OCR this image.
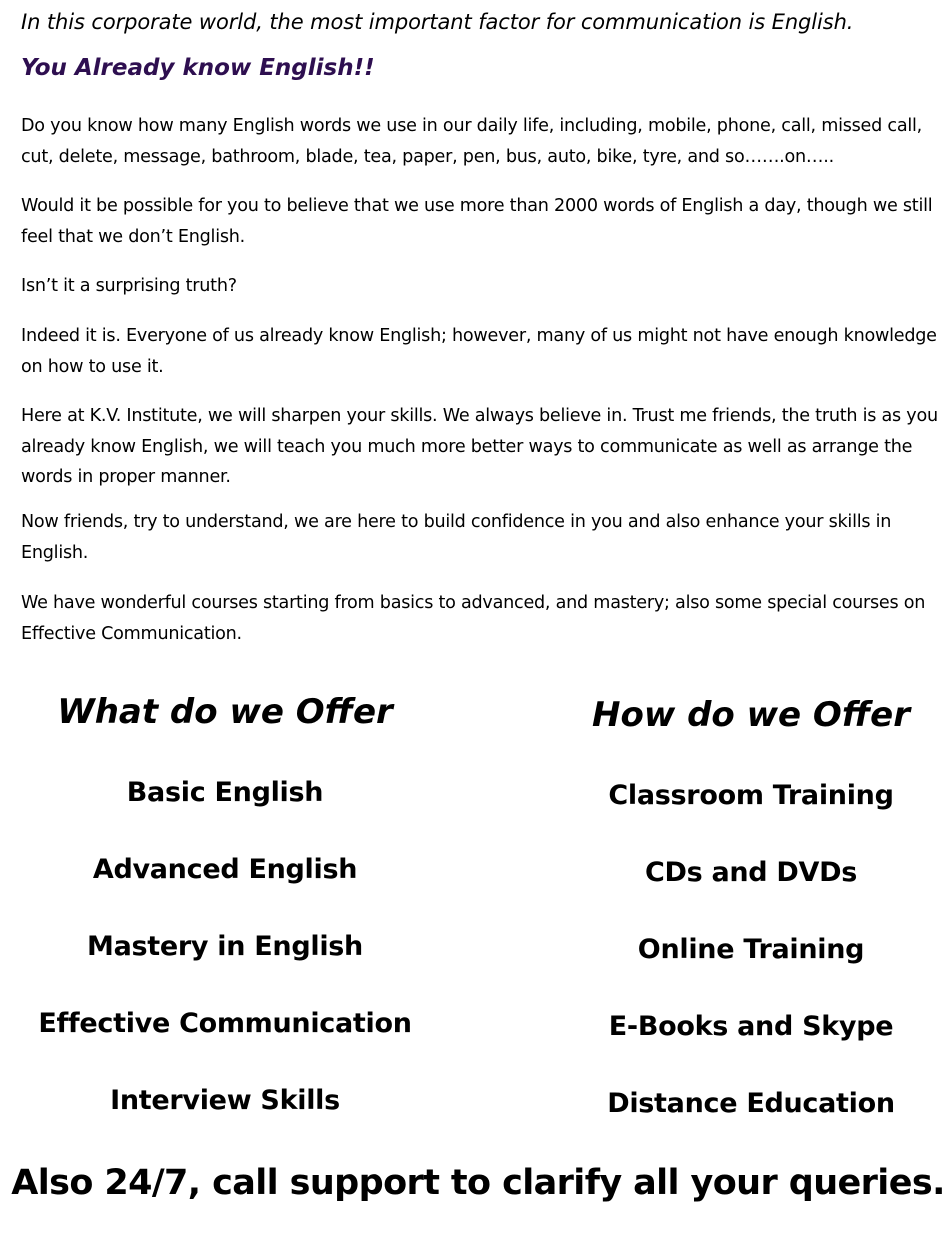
In this corporate world, the most important factor for communication is English.
You Already know English!!

Do you know how many English words we use in our daily life, including, mobile, phone, call, missed call, cut, delete, message, bathroom, blade, tea, paper, pen, bus, auto, bike, tyre, and so…….on…..

Would it be possible for you to believe that we use more than 2000 words of English a day, though we still feel that we don’t English.

Isn’t it a surprising truth?

Indeed it is. Everyone of us already know English; however, many of us might not have enough knowledge on how to use it.

Here at K.V. Institute, we will sharpen your skills. We always believe in. Trust me friends, the truth is as you already know English, we will teach you much more better ways to communicate as well as arrange the words in proper manner.

Now friends, try to understand, we are here to build confidence in you and also enhance your skills in English.

We have wonderful courses starting from basics to advanced, and mastery; also some special courses on Effective Communication.

What do we Offer
Basic English
Advanced English
Mastery in English
Effective Communication
Interview Skills
How do we Offer
Classroom Training
CDs and DVDs
Online Training
E-Books and Skype
Distance Education
Also 24/7, call support to clarify all your queries.
